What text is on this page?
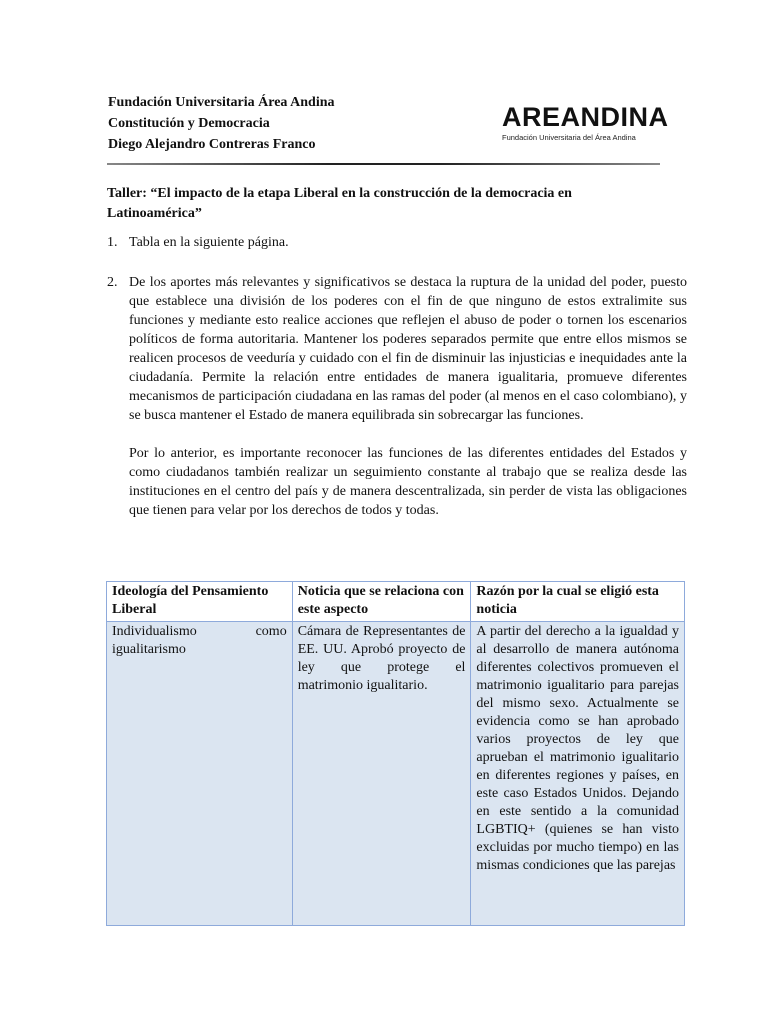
Fundación Universitaria Área Andina
Constitución y Democracia
Diego Alejandro Contreras Franco
AREANDINA
Fundación Universitaria del Área Andina
Taller: “El impacto de la etapa Liberal en la construcción de la democracia en Latinoamérica”
1. Tabla en la siguiente página.
2. De los aportes más relevantes y significativos se destaca la ruptura de la unidad del poder, puesto que establece una división de los poderes con el fin de que ninguno de estos extralimite sus funciones y mediante esto realice acciones que reflejen el abuso de poder o tornen los escenarios políticos de forma autoritaria. Mantener los poderes separados permite que entre ellos mismos se realicen procesos de veeduría y cuidado con el fin de disminuir las injusticias e inequidades ante la ciudadanía. Permite la relación entre entidades de manera igualitaria, promueve diferentes mecanismos de participación ciudadana en las ramas del poder (al menos en el caso colombiano), y se busca mantener el Estado de manera equilibrada sin sobrecargar las funciones.
Por lo anterior, es importante reconocer las funciones de las diferentes entidades del Estados y como ciudadanos también realizar un seguimiento constante al trabajo que se realiza desde las instituciones en el centro del país y de manera descentralizada, sin perder de vista las obligaciones que tienen para velar por los derechos de todos y todas.
Ideología del Pensamiento Liberal	Noticia que se relaciona con este aspecto	Razón por la cual se eligió esta noticia
Individualismo como igualitarismo	Cámara de Representantes de EE. UU. Aprobó proyecto de ley que protege el matrimonio igualitario.	A partir del derecho a la igualdad y al desarrollo de manera autónoma diferentes colectivos promueven el matrimonio igualitario para parejas del mismo sexo. Actualmente se evidencia como se han aprobado varios proyectos de ley que aprueban el matrimonio igualitario en diferentes regiones y países, en este caso Estados Unidos. Dejando en este sentido a la comunidad LGBTIQ+ (quienes se han visto excluidas por mucho tiempo) en las mismas condiciones que las parejas
